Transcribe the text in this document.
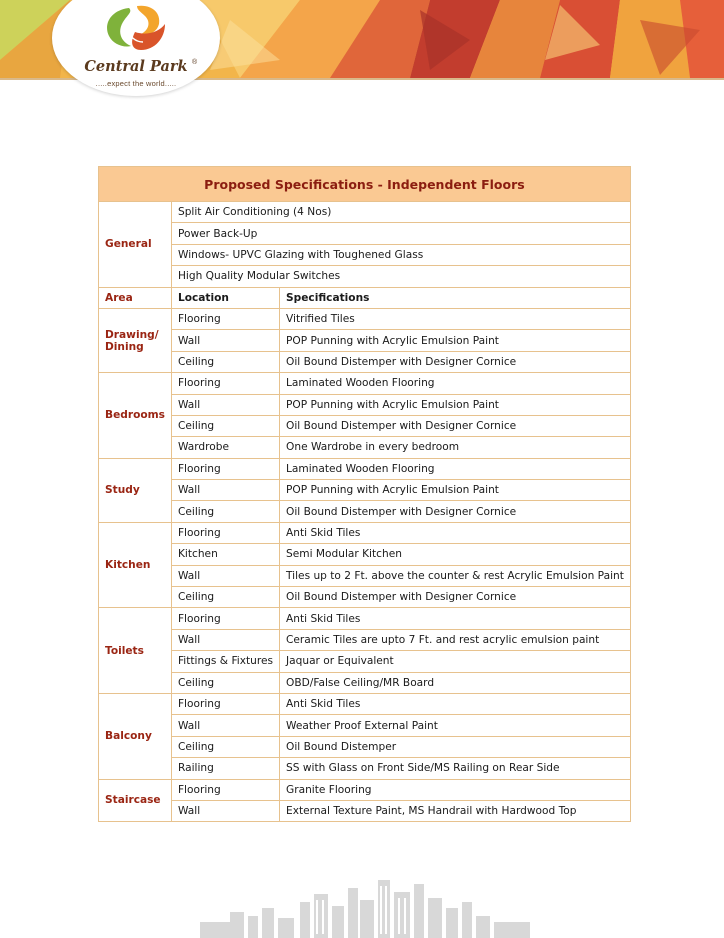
Central Park ®
.....expect the world.....
Proposed Specifications - Independent Floors		
General	Split Air Conditioning (4 Nos)	
	Power Back-Up	
	Windows- UPVC Glazing with Toughened Glass	
	High Quality Modular Switches	
Area	Location	Specifications
Drawing/ Dining	Flooring	Vitrified Tiles
	Wall	POP Punning with Acrylic Emulsion Paint
	Ceiling	Oil Bound Distemper with Designer Cornice
Bedrooms	Flooring	Laminated Wooden Flooring
	Wall	POP Punning with Acrylic Emulsion Paint
	Ceiling	Oil Bound Distemper with Designer Cornice
	Wardrobe	One Wardrobe in every bedroom
Study	Flooring	Laminated Wooden Flooring
	Wall	POP Punning with Acrylic Emulsion Paint
	Ceiling	Oil Bound Distemper with Designer Cornice
Kitchen	Flooring	Anti Skid Tiles
	Kitchen	Semi Modular Kitchen
	Wall	Tiles up to 2 Ft. above the counter & rest Acrylic Emulsion Paint
	Ceiling	Oil Bound Distemper with Designer Cornice
Toilets	Flooring	Anti Skid Tiles
	Wall	Ceramic Tiles are upto 7 Ft. and rest acrylic emulsion paint
	Fittings & Fixtures	Jaquar or Equivalent
	Ceiling	OBD/False Ceiling/MR Board
Balcony	Flooring	Anti Skid Tiles
	Wall	Weather Proof External Paint
	Ceiling	Oil Bound Distemper
	Railing	SS with Glass on Front Side/MS Railing on Rear Side
Staircase	Flooring	Granite Flooring
	Wall	External Texture Paint, MS Handrail with Hardwood Top
